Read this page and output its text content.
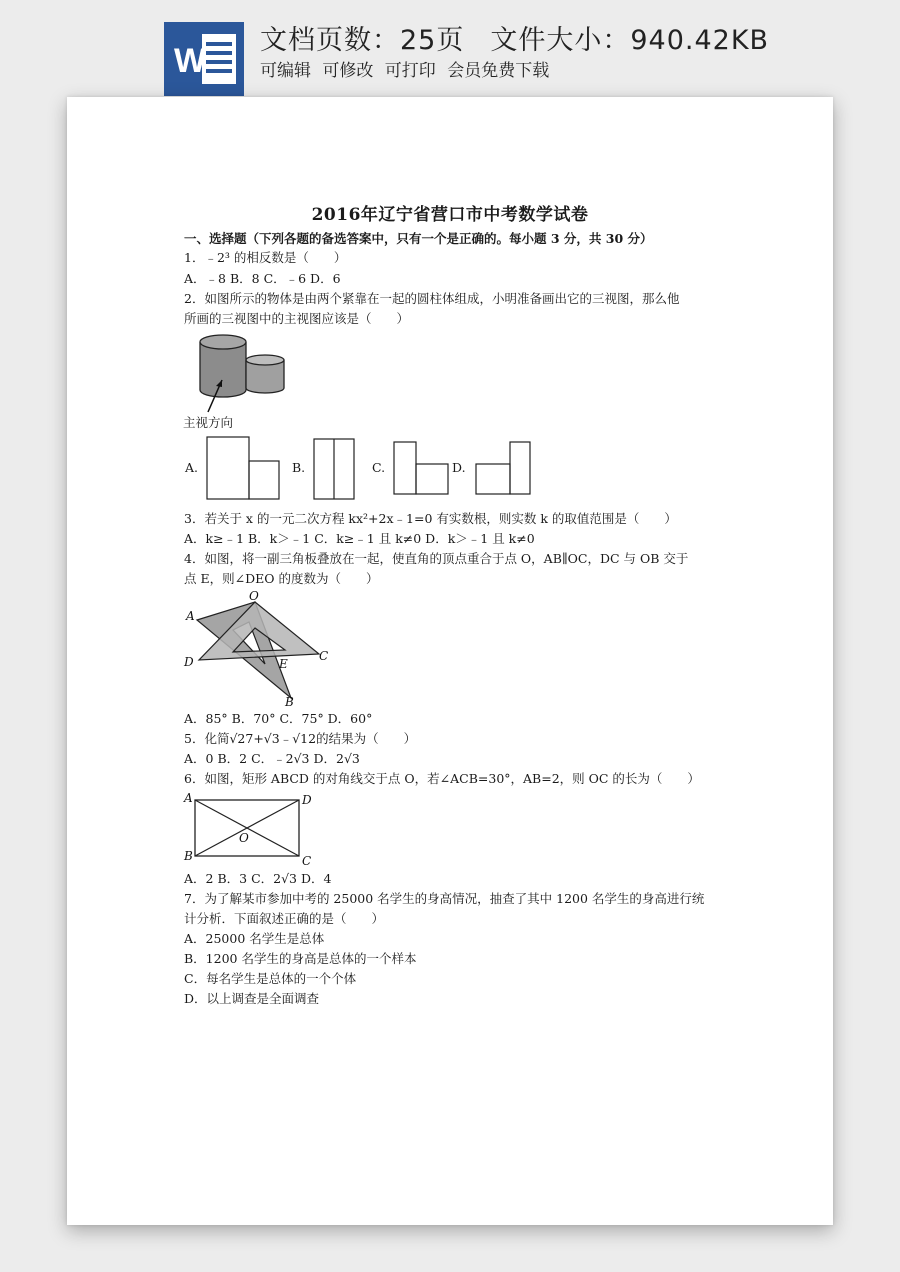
W
文档页数：25页 文件大小：940.42KB
可编辑 可修改 可打印 会员免费下载
2016年辽宁省营口市中考数学试卷
一、选择题（下列各题的备选答案中，只有一个是正确的。每小题 3 分，共 30 分）
1．﹣2³ 的相反数是（　　）
A．﹣8 B．8 C．﹣6 D．6
2．如图所示的物体是由两个紧靠在一起的圆柱体组成，小明准备画出它的三视图，那么他
所画的三视图中的主视图应该是（　　）
主视方向
A.	B.	C.	D.
3．若关于 x 的一元二次方程 kx²+2x﹣1=0 有实数根，则实数 k 的取值范围是（　　）
A．k≥﹣1 B．k＞﹣1 C．k≥﹣1 且 k≠0 D．k＞﹣1 且 k≠0
4．如图，将一副三角板叠放在一起，使直角的顶点重合于点 O，AB∥OC，DC 与 OB 交于
点 E，则∠DEO 的度数为（　　）
O
A
D	E
C
B
A．85° B．70° C．75° D．60°
5．化简√27+√3﹣√12的结果为（　　）
A．0 B．2 C．﹣2√3 D．2√3
6．如图，矩形 ABCD 的对角线交于点 O，若∠ACB=30°，AB=2，则 OC 的长为（　　）
A	D
O
B	C
A．2 B．3 C．2√3 D．4
7．为了解某市参加中考的 25000 名学生的身高情况，抽查了其中 1200 名学生的身高进行统
计分析．下面叙述正确的是（　　）
A．25000 名学生是总体
B．1200 名学生的身高是总体的一个样本
C．每名学生是总体的一个个体
D．以上调查是全面调查
